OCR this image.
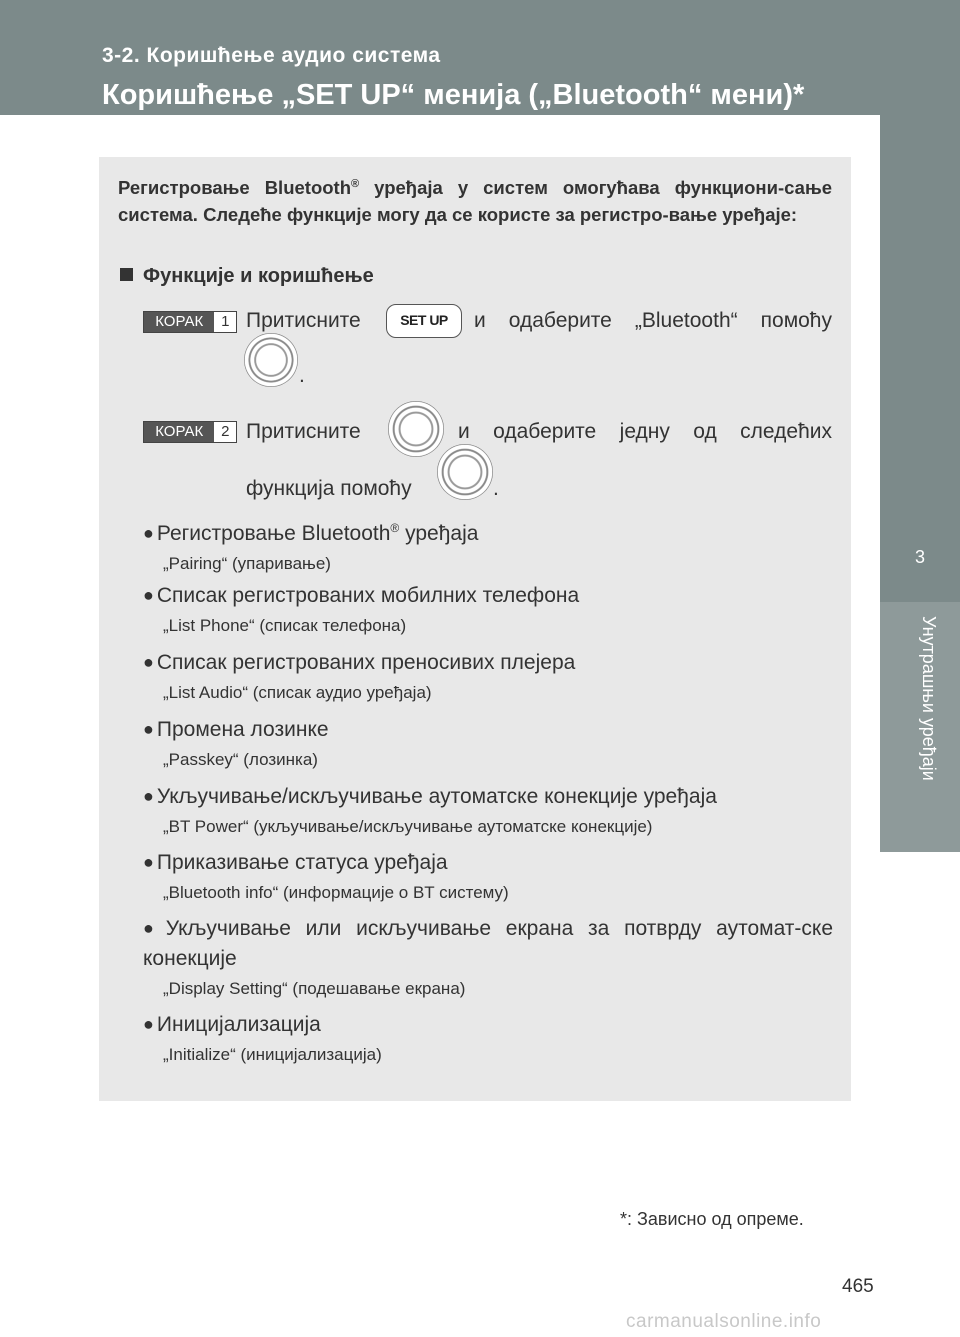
3-2. Коришћење аудио система
Коришћење „SET UP“ менија („Bluetooth“ мени)*
3
Унутрашњи уређаји
Регистровање Bluetooth® уређаја у систем омогућава функциони-сање система. Следеће функције могу да се користе за регистро-вање уређаје:
Функције и коришћење
КОРАК	1 Притисните	SET UP	и одаберите „Bluetooth“ помоћу
.
КОРАК	2 Притисните	и одаберите једну од следећих
функција помоћу	.
● Регистровање Bluetooth® уређаја
„Pairing“ (упаривање)
● Списак регистрованих мобилних телефона
„List Phone“ (списак телефона)
● Списак регистрованих преносивих плејера
„List Audio“ (списак аудио уређаја)
● Промена лозинке
„Passkey“ (лозинка)
● Укључивање/искључивање аутоматске конекције уређаја
„BT Power“ (укључивање/искључивање аутоматске конекције)
● Приказивање статуса уређаја
„Bluetooth info“ (информације о BT систему)
● Укључивање или искључивање екрана за потврду аутомат-ске конекције
„Display Setting“ (подешавање екрана)
● Иницијализација
„Initialize“ (иницијализација)
*: Зависно од опреме.
465
carmanualsonline.info
